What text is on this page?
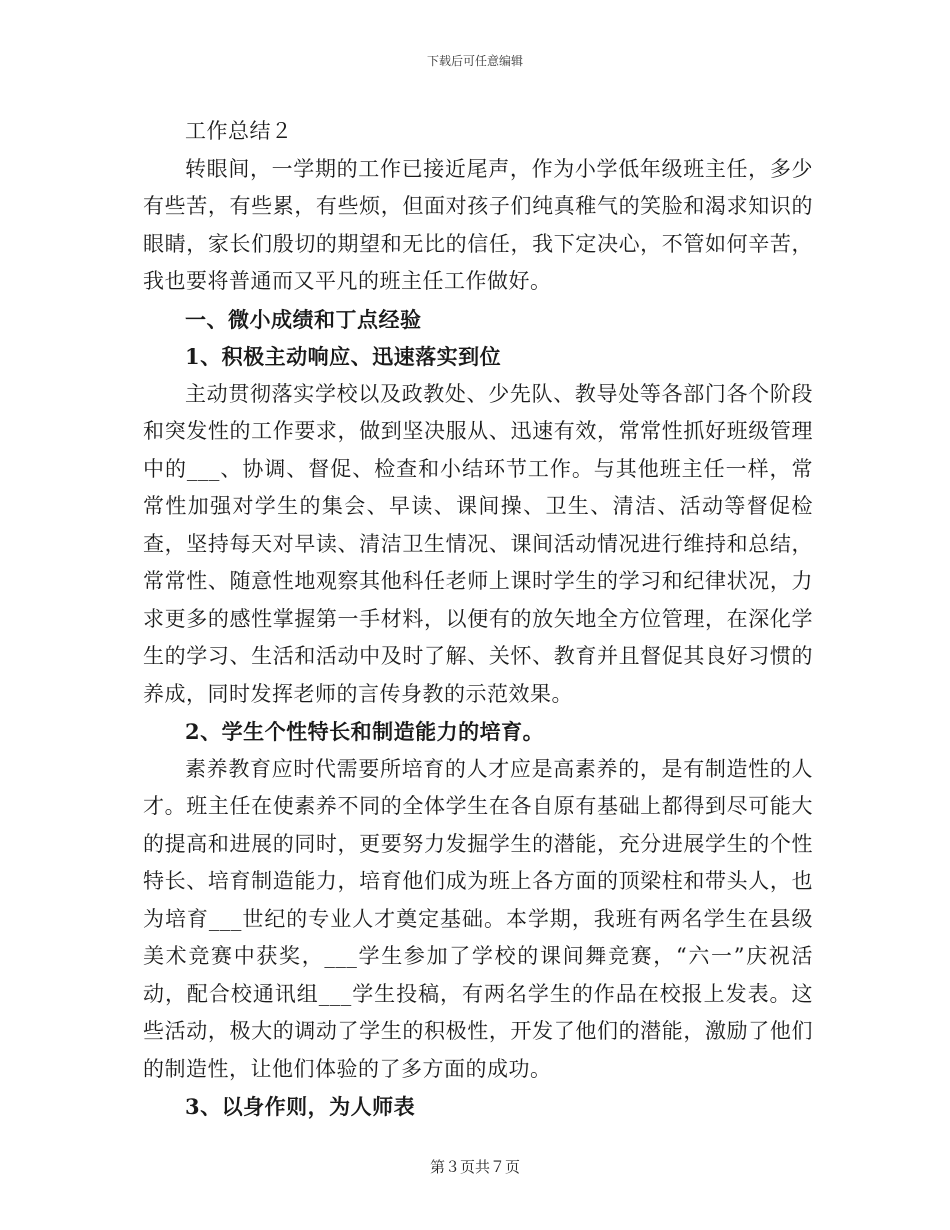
下载后可任意编辑

工作总结２

转眼间，一学期的工作已接近尾声，作为小学低年级班主任，多少有些苦，有些累，有些烦，但面对孩子们纯真稚气的笑脸和渴求知识的眼睛，家长们殷切的期望和无比的信任，我下定决心，不管如何辛苦，我也要将普通而又平凡的班主任工作做好。

一、微小成绩和丁点经验

1、积极主动响应、迅速落实到位

主动贯彻落实学校以及政教处、少先队、教导处等各部门各个阶段和突发性的工作要求，做到坚决服从、迅速有效，常常性抓好班级管理中的___、协调、督促、检查和小结环节工作。与其他班主任一样，常常性加强对学生的集会、早读、课间操、卫生、清洁、活动等督促检查，坚持每天对早读、清洁卫生情况、课间活动情况进行维持和总结，常常性、随意性地观察其他科任老师上课时学生的学习和纪律状况，力求更多的感性掌握第一手材料，以便有的放矢地全方位管理，在深化学生的学习、生活和活动中及时了解、关怀、教育并且督促其良好习惯的养成，同时发挥老师的言传身教的示范效果。

2、学生个性特长和制造能力的培育。

素养教育应时代需要所培育的人才应是高素养的，是有制造性的人才。班主任在使素养不同的全体学生在各自原有基础上都得到尽可能大的提高和进展的同时，更要努力发掘学生的潜能，充分进展学生的个性特长、培育制造能力，培育他们成为班上各方面的顶梁柱和带头人，也为培育___世纪的专业人才奠定基础。本学期，我班有两名学生在县级美术竞赛中获奖，___学生参加了学校的课间舞竞赛，“六一”庆祝活动，配合校通讯组___学生投稿，有两名学生的作品在校报上发表。这些活动，极大的调动了学生的积极性，开发了他们的潜能，激励了他们的制造性，让他们体验的了多方面的成功。

3、以身作则，为人师表

第３页共７页
